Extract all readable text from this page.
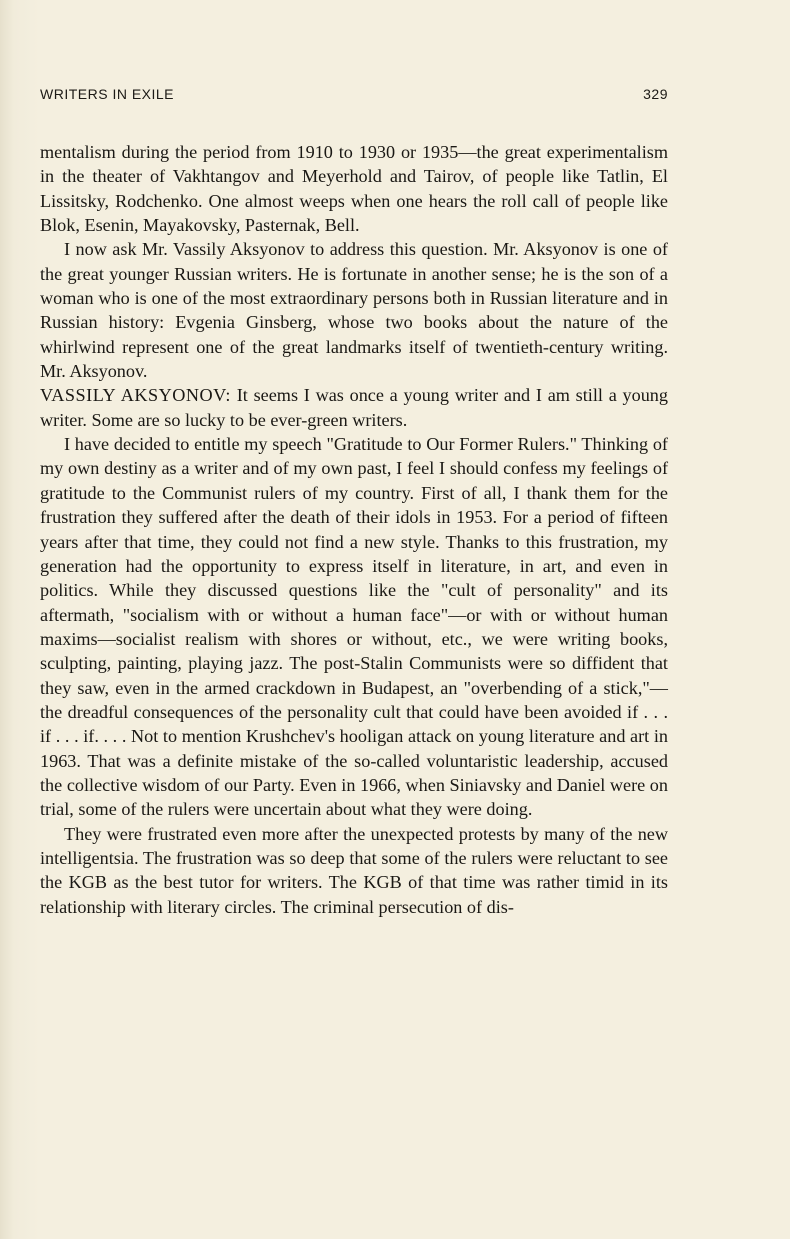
WRITERS IN EXILE	329

mentalism during the period from 1910 to 1930 or 1935—the great experimentalism in the theater of Vakhtangov and Meyerhold and Tairov, of people like Tatlin, El Lissitsky, Rodchenko. One almost weeps when one hears the roll call of people like Blok, Esenin, Mayakovsky, Pasternak, Bell.

I now ask Mr. Vassily Aksyonov to address this question. Mr. Aksyonov is one of the great younger Russian writers. He is fortunate in another sense; he is the son of a woman who is one of the most extraordinary persons both in Russian literature and in Russian history: Evgenia Ginsberg, whose two books about the nature of the whirlwind represent one of the great landmarks itself of twentieth-century writing. Mr. Aksyonov.

VASSILY AKSYONOV: It seems I was once a young writer and I am still a young writer. Some are so lucky to be ever-green writers.

I have decided to entitle my speech "Gratitude to Our Former Rulers." Thinking of my own destiny as a writer and of my own past, I feel I should confess my feelings of gratitude to the Communist rulers of my country. First of all, I thank them for the frustration they suffered after the death of their idols in 1953. For a period of fifteen years after that time, they could not find a new style. Thanks to this frustration, my generation had the opportunity to express itself in literature, in art, and even in politics. While they discussed questions like the "cult of personality" and its aftermath, "socialism with or without a human face"—or with or without human maxims—socialist realism with shores or without, etc., we were writing books, sculpting, painting, playing jazz. The post-Stalin Communists were so diffident that they saw, even in the armed crackdown in Budapest, an "overbending of a stick,"—the dreadful consequences of the personality cult that could have been avoided if . . . if . . . if. . . . Not to mention Krushchev's hooligan attack on young literature and art in 1963. That was a definite mistake of the so-called voluntaristic leadership, accused the collective wisdom of our Party. Even in 1966, when Siniavsky and Daniel were on trial, some of the rulers were uncertain about what they were doing.

They were frustrated even more after the unexpected protests by many of the new intelligentsia. The frustration was so deep that some of the rulers were reluctant to see the KGB as the best tutor for writers. The KGB of that time was rather timid in its relationship with literary circles. The criminal persecution of dis-
